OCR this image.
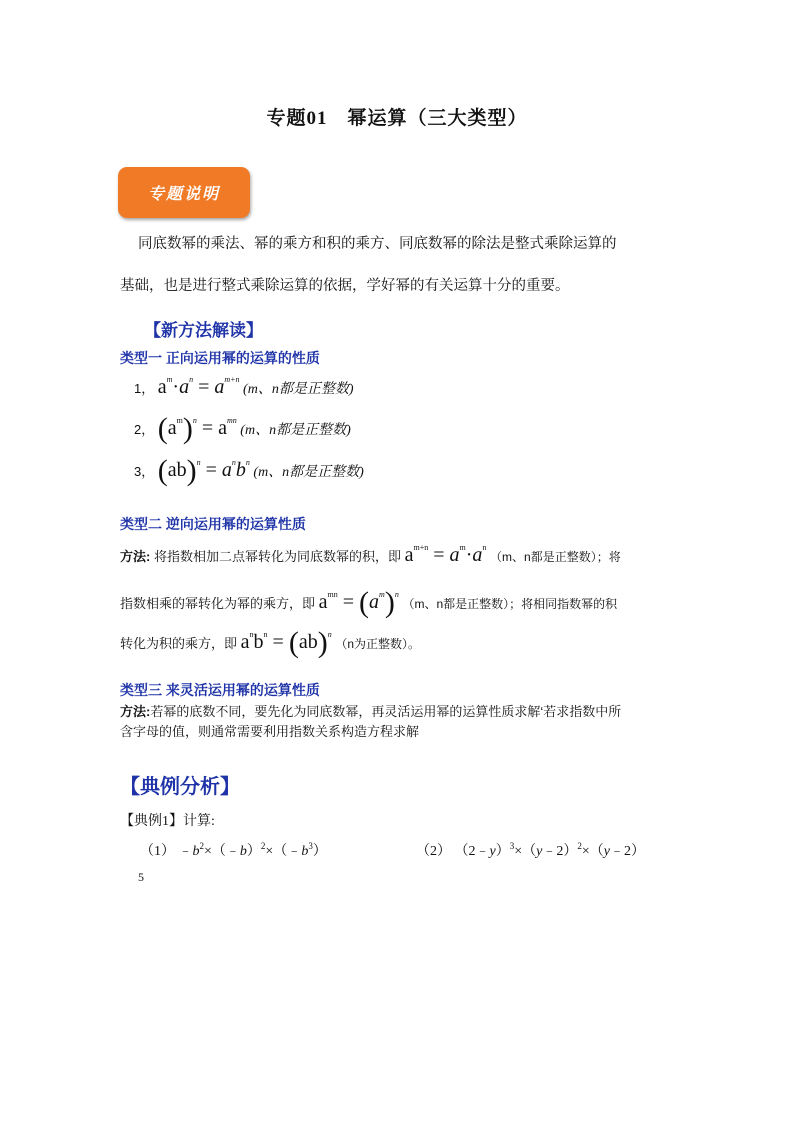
专题01　幂运算（三大类型）
专题说明
同底数幂的乘法、幂的乘方和积的乘方、同底数幂的除法是整式乘除运算的
基础，也是进行整式乘除运算的依据，学好幂的有关运算十分的重要。
【新方法解读】
类型一 正向运用幂的运算的性质
1， $a^m\cdot a^n = a^{m+n}$ (m、n都是正整数)
2， $(a^m)^n = a^{mn}$ (m、n都是正整数)
3， $(ab)^n = a^nb^n$ (m、n都是正整数)
类型二 逆向运用幂的运算性质
方法: 将指数相加二点幂转化为同底数幂的积，即 $a^{m+n} = a^m\cdot a^n$ （m、n都是正整数）；将
指数相乘的幂转化为幂的乘方，即 $a^{mn} = (a^m)^n$ （m、n都是正整数）；将相同指数幂的积
转化为积的乘方，即 $a^nb^n = (ab)^n$ （n为正整数）。
类型三 来灵活运用幂的运算性质
方法:若幂的底数不同，要先化为同底数幂，再灵活运用幂的运算性质求解‘若求指数中所
含字母的值，则通常需要利用指数关系构造方程求解
【典例分析】
【典例1】计算:
（1） $﹣b^2\times(﹣b)^2\times(﹣b^3)$	（2） （2﹣y）$^3$×（y﹣2）$^2$×（y﹣2）
5
